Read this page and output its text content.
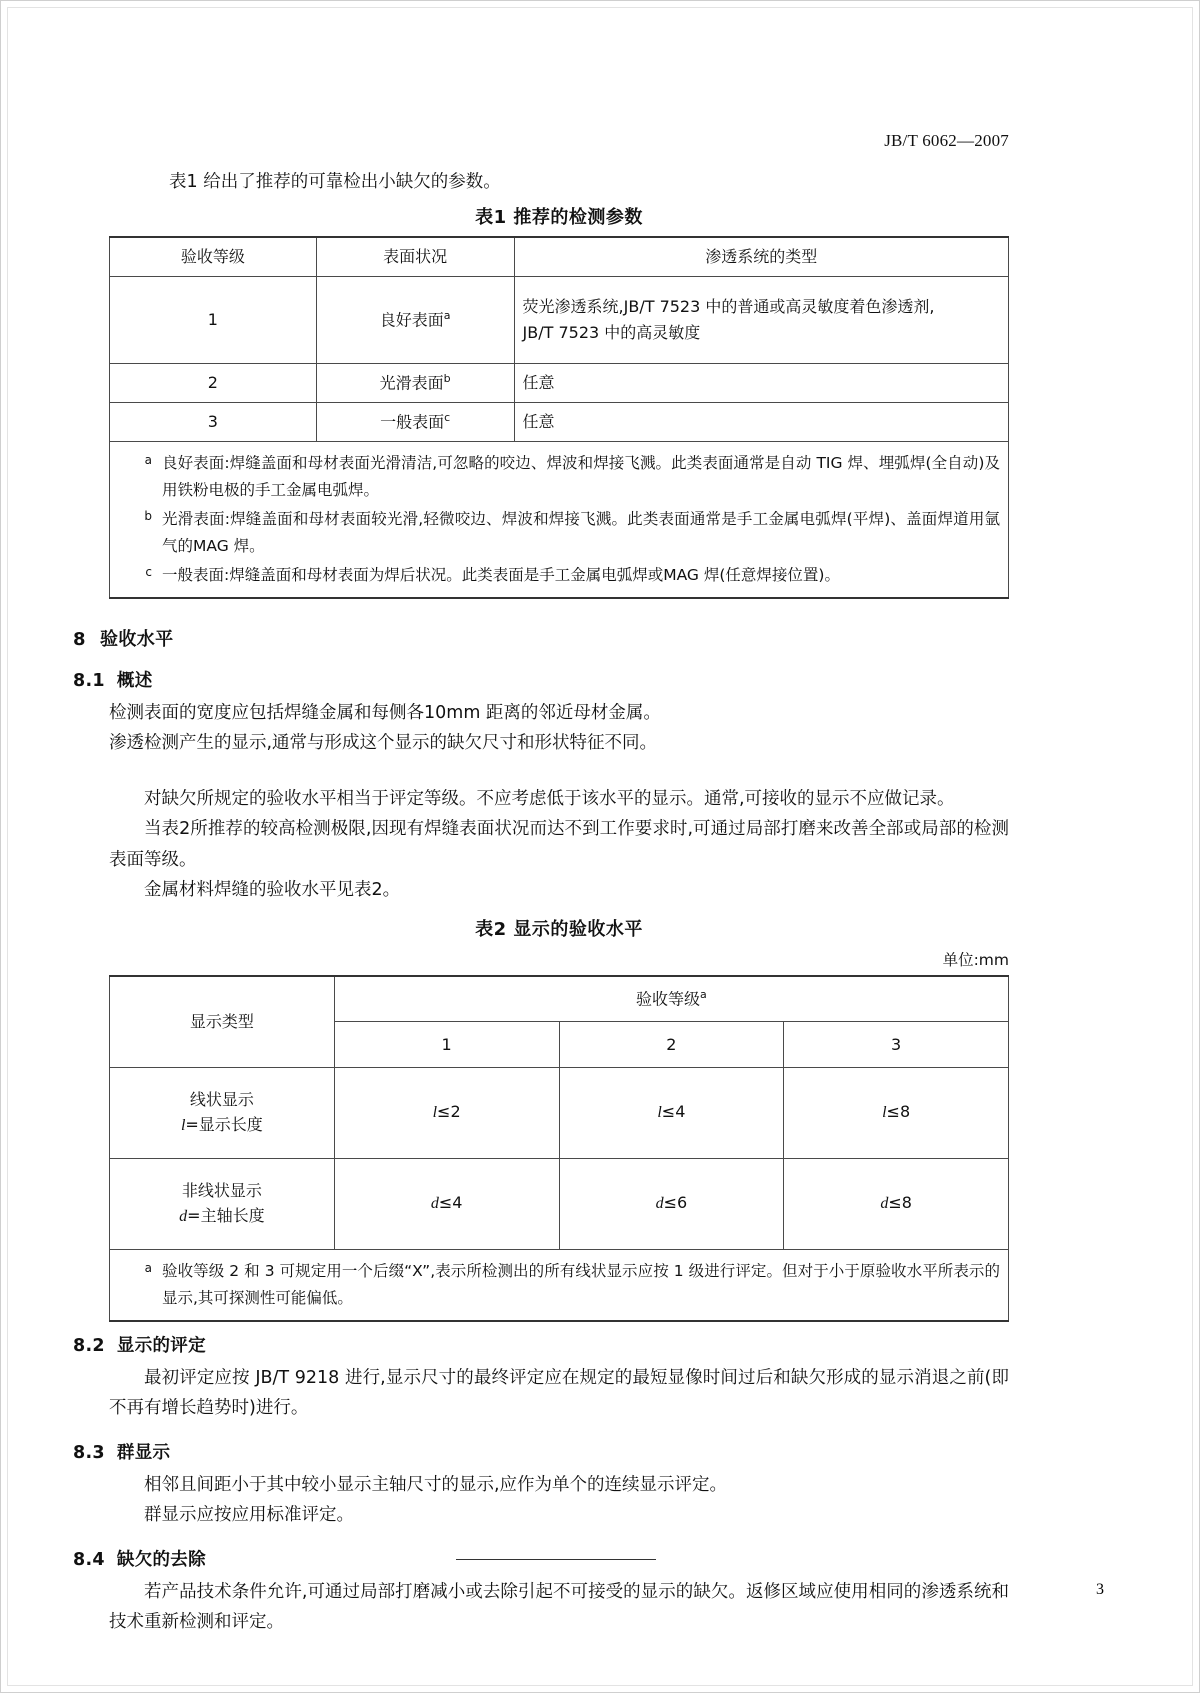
JB/T 6062—2007

表1 给出了推荐的可靠检出小缺欠的参数。

表1 推荐的检测参数
验收等级	表面状况	渗透系统的类型
1	良好表面$^a$	荧光渗透系统,JB/T 7523 中的普通或高灵敏度着色渗透剂,
JB/T 7523 中的高灵敏度

2	光滑表面$^b$	任意
3	一般表面$^c$	任意

a 良好表面:焊缝盖面和母材表面光滑清洁,可忽略的咬边、焊波和焊接飞溅。此类表面通常是自动 TIG 焊、埋弧焊(全自动)及用铁粉电极的手工金属电弧焊。
b 光滑表面:焊缝盖面和母材表面较光滑,轻微咬边、焊波和焊接飞溅。此类表面通常是手工金属电弧焊(平焊)、盖面焊道用氩气的MAG 焊。
c 一般表面:焊缝盖面和母材表面为焊后状况。此类表面是手工金属电弧焊或MAG 焊(任意焊接位置)。
8 验收水平
8.1 概述

检测表面的宽度应包括焊缝金属和每侧各10mm 距离的邻近母材金属。

渗透检测产生的显示,通常与形成这个显示的缺欠尺寸和形状特征不同。

对缺欠所规定的验收水平相当于评定等级。不应考虑低于该水平的显示。通常,可接收的显示不应做记录。

当表2所推荐的较高检测极限,因现有焊缝表面状况而达不到工作要求时,可通过局部打磨来改善全部或局部的检测表面等级。

金属材料焊缝的验收水平见表2。

表2 显示的验收水平
单位:mm
显示类型	验收等级$^a$
	1	2	3

线状显示
l=显示长度	l≤2	l≤4	l≤8

非线状显示
d=主轴长度	d≤4	d≤6	d≤8

a 验收等级 2 和 3 可规定用一个后缀“X”,表示所检测出的所有线状显示应按 1 级进行评定。但对于小于原验收水平所表示的显示,其可探测性可能偏低。			
8.2 显示的评定

最初评定应按 JB/T 9218 进行,显示尺寸的最终评定应在规定的最短显像时间过后和缺欠形成的显示消退之前(即不再有增长趋势时)进行。

8.3 群显示

相邻且间距小于其中较小显示主轴尺寸的显示,应作为单个的连续显示评定。

群显示应按应用标准评定。

8.4 缺欠的去除

若产品技术条件允许,可通过局部打磨减小或去除引起不可接受的显示的缺欠。返修区域应使用相同的渗透系统和技术重新检测和评定。

3
